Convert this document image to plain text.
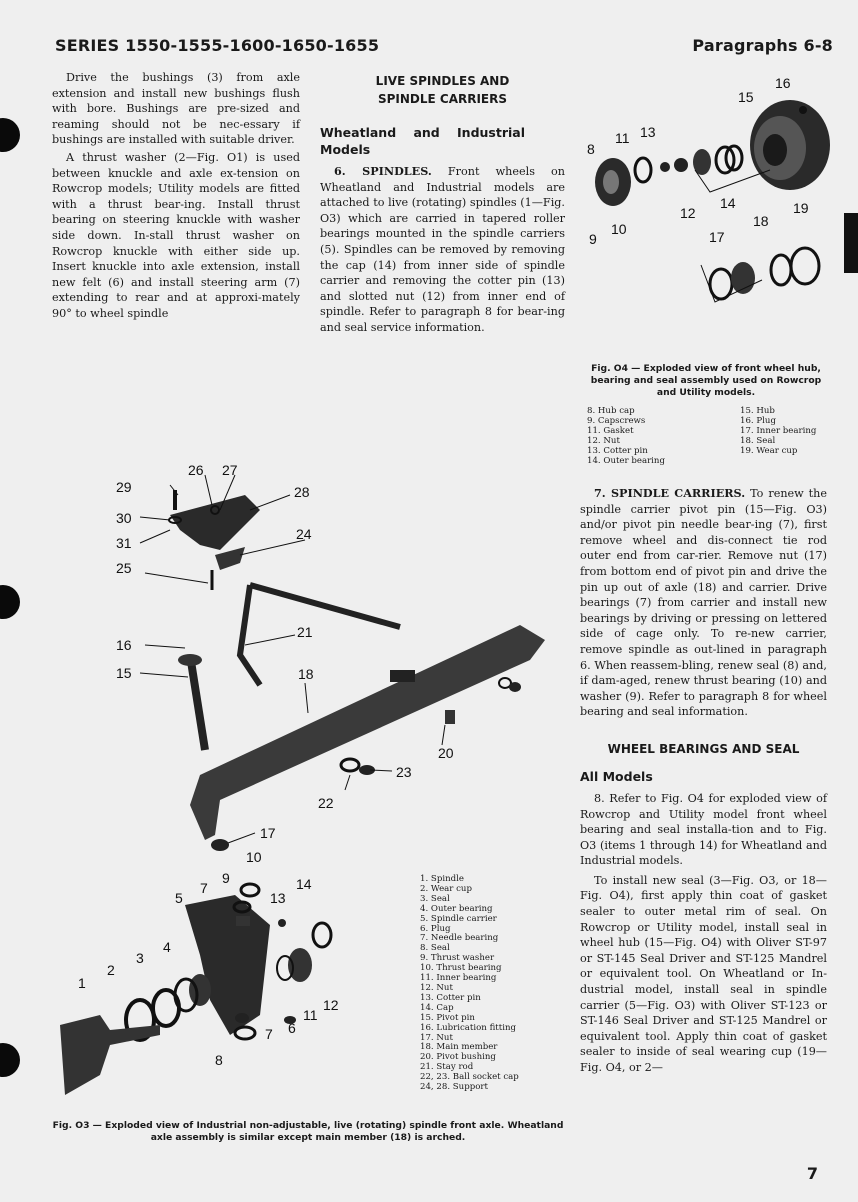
SERIES 1550-1555-1600-1650-1655	Paragraphs 6-8

Drive the bushings (3) from axle extension and install new bushings flush with bore. Bushings are pre-sized and reaming should not be nec-essary if bushings are installed with suitable driver.

A thrust washer (2—Fig. O1) is used between knuckle and axle ex-tension on Rowcrop models; Utility models are fitted with a thrust bear-ing. Install thrust bearing on steering knuckle with washer side down. In-stall thrust washer on Rowcrop knuckle with either side up. Insert knuckle into axle extension, install new felt (6) and install steering arm (7) extending to rear and at approxi-mately 90° to wheel spindle

LIVE SPINDLES AND SPINDLE CARRIERS
Wheatland and Industrial Models

6. SPINDLES. Front wheels on Wheatland and Industrial models are attached to live (rotating) spindles (1—Fig. O3) which are carried in tapered roller bearings mounted in the spindle carriers (5). Spindles can be removed by removing the cap (14) from inner side of spindle carrier and removing the cotter pin (13) and slotted nut (12) from inner end of spindle. Refer to paragraph 8 for bear-ing and seal service information.

16
15
13
11
8
12
14
18
19
17
9
10
Fig. O4 — Exploded view of front wheel hub, bearing and seal assembly used on Rowcrop and Utility models.
8. Hub cap
9. Capscrews
11. Gasket
12. Nut
13. Cotter pin
14. Outer bearing
15. Hub
16. Plug
17. Inner bearing
18. Seal
19. Wear cup

7. SPINDLE CARRIERS. To renew the spindle carrier pivot pin (15—Fig. O3) and/or pivot pin needle bear-ing (7), first remove wheel and dis-connect tie rod outer end from car-rier. Remove nut (17) from bottom end of pivot pin and drive the pin up out of axle (18) and carrier. Drive bearings (7) from carrier and install new bearings by driving or pressing on lettered side of cage only. To re-new carrier, remove spindle as out-lined in paragraph 6. When reassem-bling, renew seal (8) and, if dam-aged, renew thrust bearing (10) and washer (9). Refer to paragraph 8 for wheel bearing and seal information.

WHEEL BEARINGS AND SEAL
All Models

8. Refer to Fig. O4 for exploded view of Rowcrop and Utility model front wheel bearing and seal installa-tion and to Fig. O3 (items 1 through 14) for Wheatland and Industrial models.

To install new seal (3—Fig. O3, or 18—Fig. O4), first apply thin coat of gasket sealer to outer metal rim of seal. On Rowcrop or Utility model, install seal in wheel hub (15—Fig. O4) with Oliver ST-97 or ST-145 Seal Driver and ST-125 Mandrel or equivalent tool. On Wheatland or In-dustrial model, install seal in spindle carrier (5—Fig. O3) with Oliver ST-123 or ST-146 Seal Driver and ST-125 Mandrel or equivalent tool. Apply thin coat of gasket sealer to inside of seal wearing cup (19—Fig. O4, or 2—

26 27
29	28
30
31
24
25
21
16
15	18
20
23
22
17
10
9
7
13
14
5
4
3
2
1
6
11
12
7
8
1. Spindle
2. Wear cup
3. Seal
4. Outer bearing
5. Spindle carrier
6. Plug
7. Needle bearing
8. Seal
9. Thrust washer
10. Thrust bearing
11. Inner bearing
12. Nut
13. Cotter pin
14. Cap
15. Pivot pin
16. Lubrication fitting
17. Nut
18. Main member
20. Pivot bushing
21. Stay rod
22, 23. Ball socket cap
24, 28. Support
Fig. O3 — Exploded view of Industrial non-adjustable, live (rotating) spindle front axle. Wheatland axle assembly is similar except main member (18) is arched.
7
